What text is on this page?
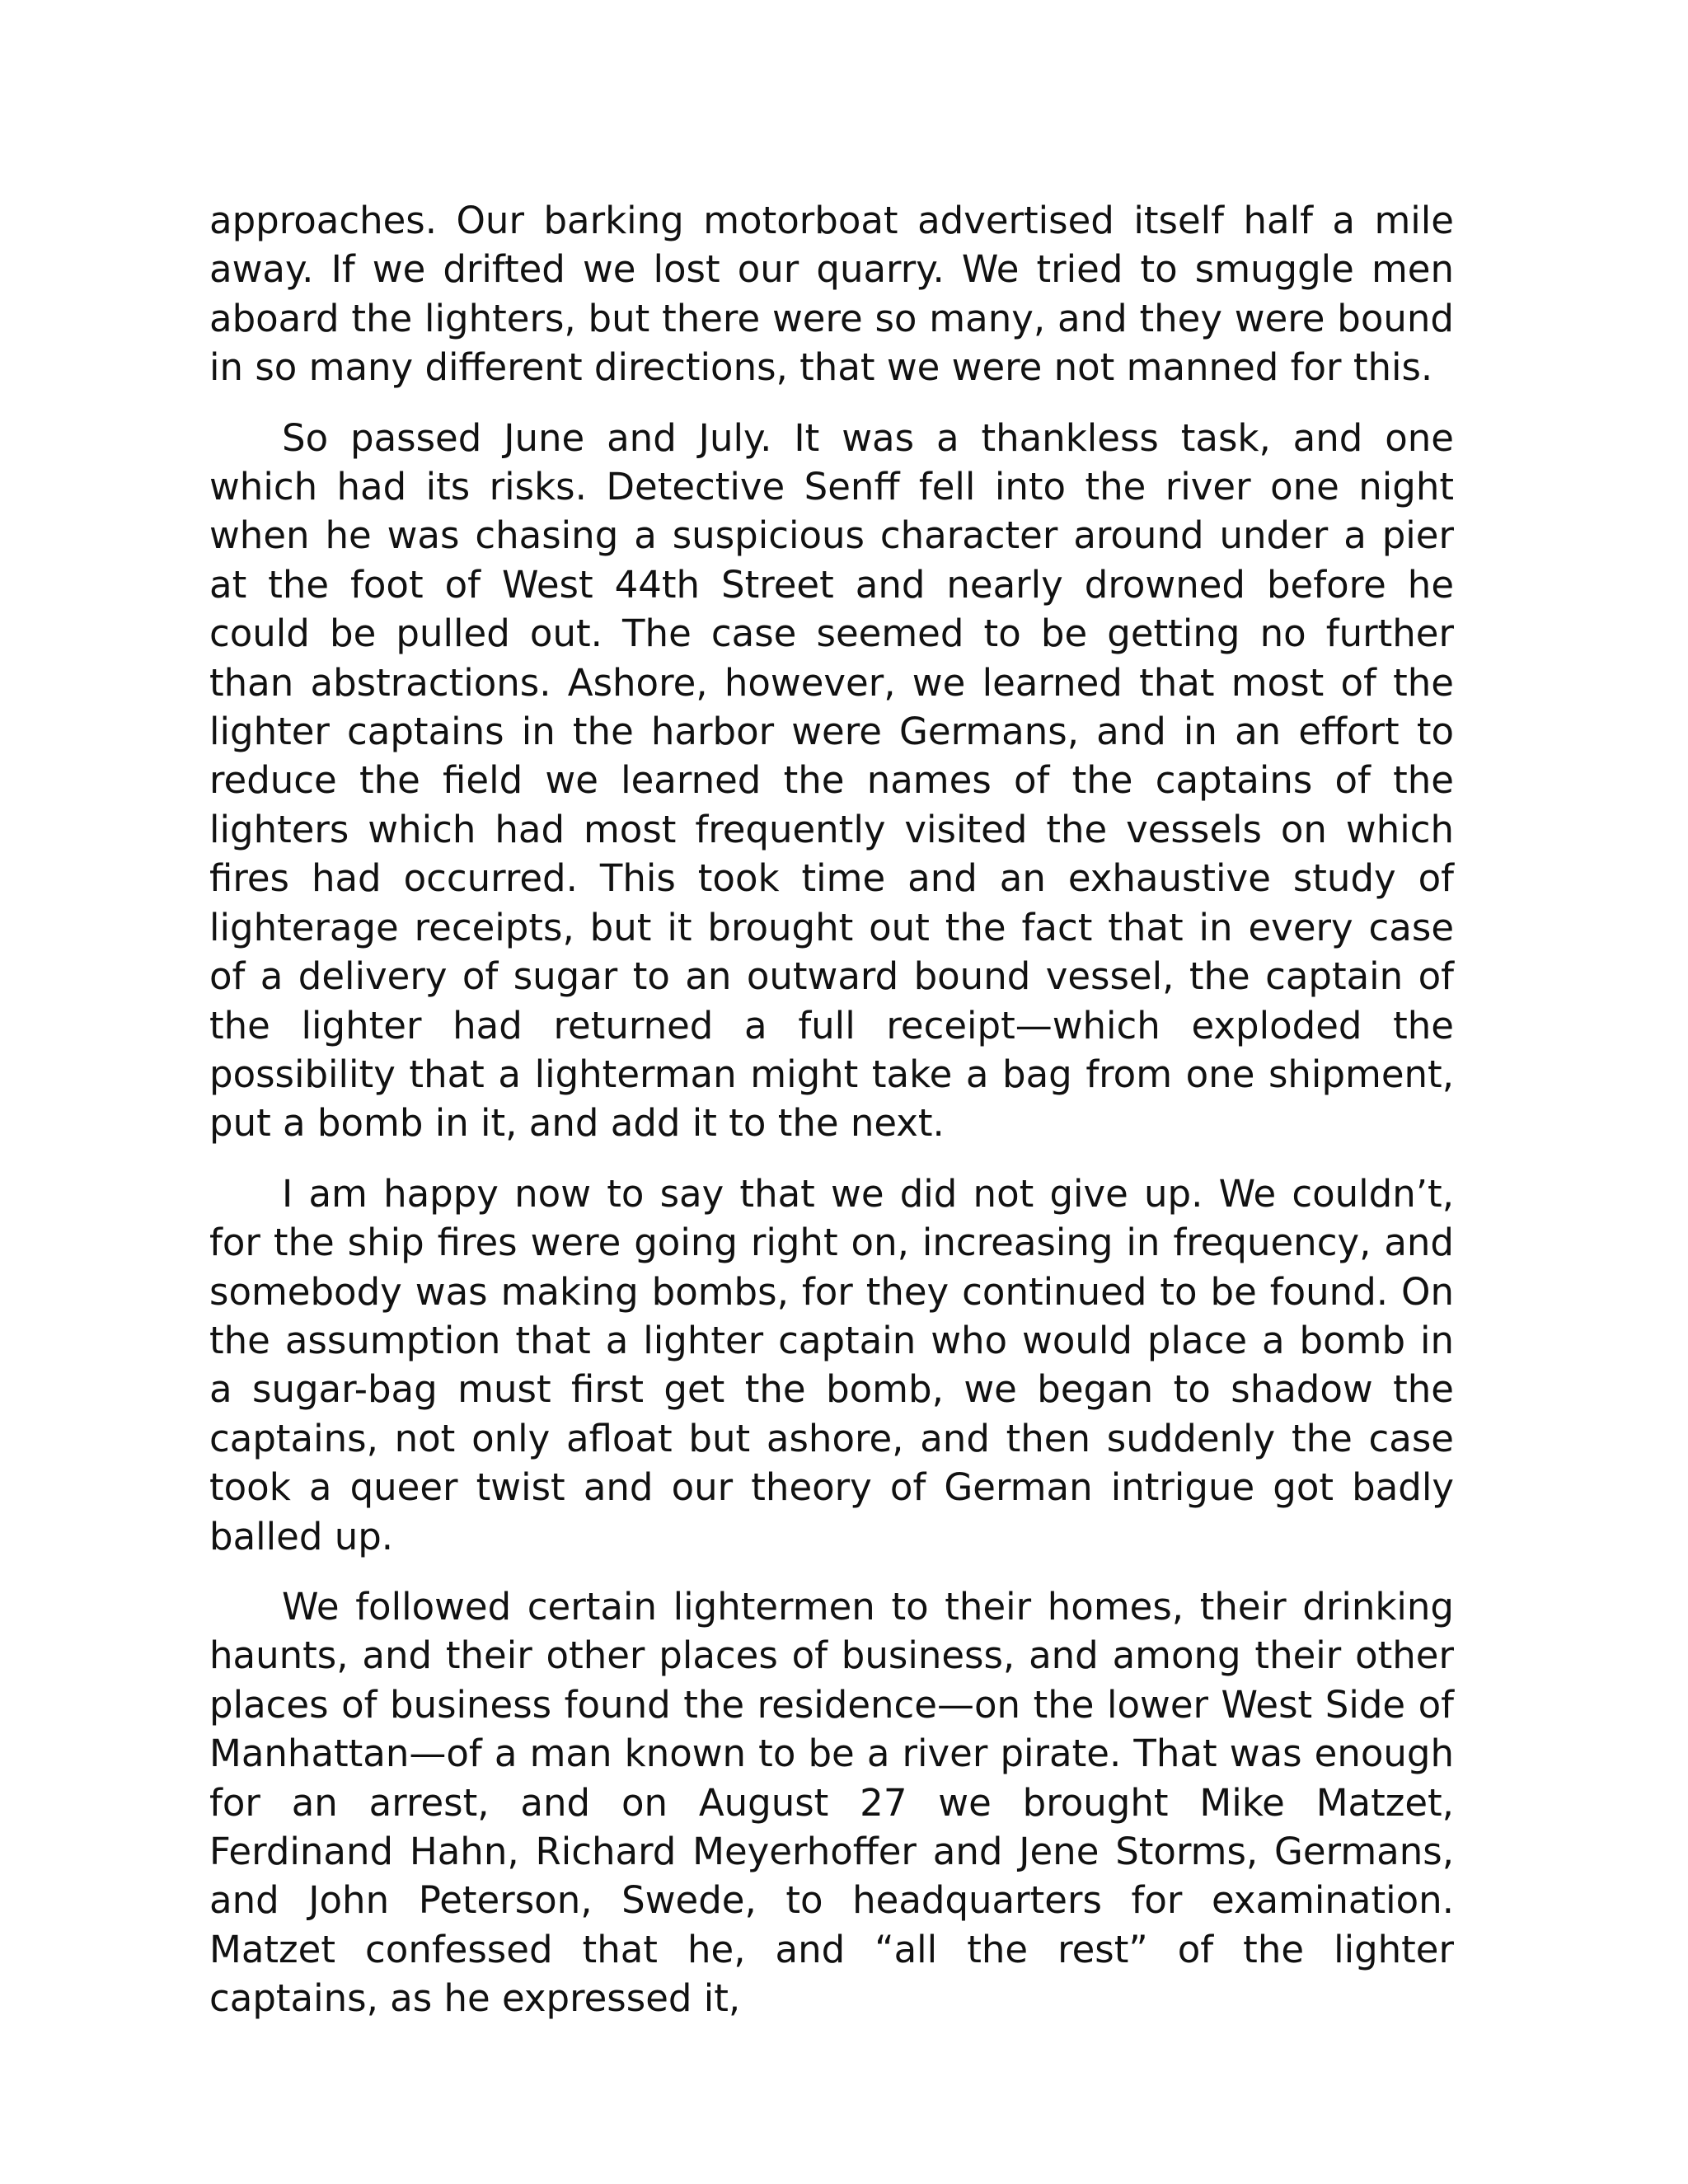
approaches. Our barking motorboat advertised itself half a mile away. If we drifted we lost our quarry. We tried to smuggle men aboard the lighters, but there were so many, and they were bound in so many different directions, that we were not manned for this.

So passed June and July. It was a thankless task, and one which had its risks. Detective Senff fell into the river one night when he was chasing a suspicious character around under a pier at the foot of West 44th Street and nearly drowned before he could be pulled out. The case seemed to be getting no further than abstractions. Ashore, however, we learned that most of the lighter captains in the harbor were Germans, and in an effort to reduce the field we learned the names of the captains of the lighters which had most frequently visited the vessels on which fires had occurred. This took time and an exhaustive study of lighterage receipts, but it brought out the fact that in every case of a delivery of sugar to an outward bound vessel, the captain of the lighter had returned a full receipt—which exploded the possibility that a lighterman might take a bag from one shipment, put a bomb in it, and add it to the next.

I am happy now to say that we did not give up. We couldn’t, for the ship fires were going right on, increasing in frequency, and somebody was making bombs, for they continued to be found. On the assumption that a lighter captain who would place a bomb in a sugar-bag must first get the bomb, we began to shadow the captains, not only afloat but ashore, and then suddenly the case took a queer twist and our theory of German intrigue got badly balled up.

We followed certain lightermen to their homes, their drinking haunts, and their other places of business, and among their other places of business found the residence—on the lower West Side of Manhattan—of a man known to be a river pirate. That was enough for an arrest, and on August 27 we brought Mike Matzet, Ferdinand Hahn, Richard Meyerhoffer and Jene Storms, Germans, and John Peterson, Swede, to headquarters for examination. Matzet confessed that he, and “all the rest” of the lighter captains, as he expressed it,
